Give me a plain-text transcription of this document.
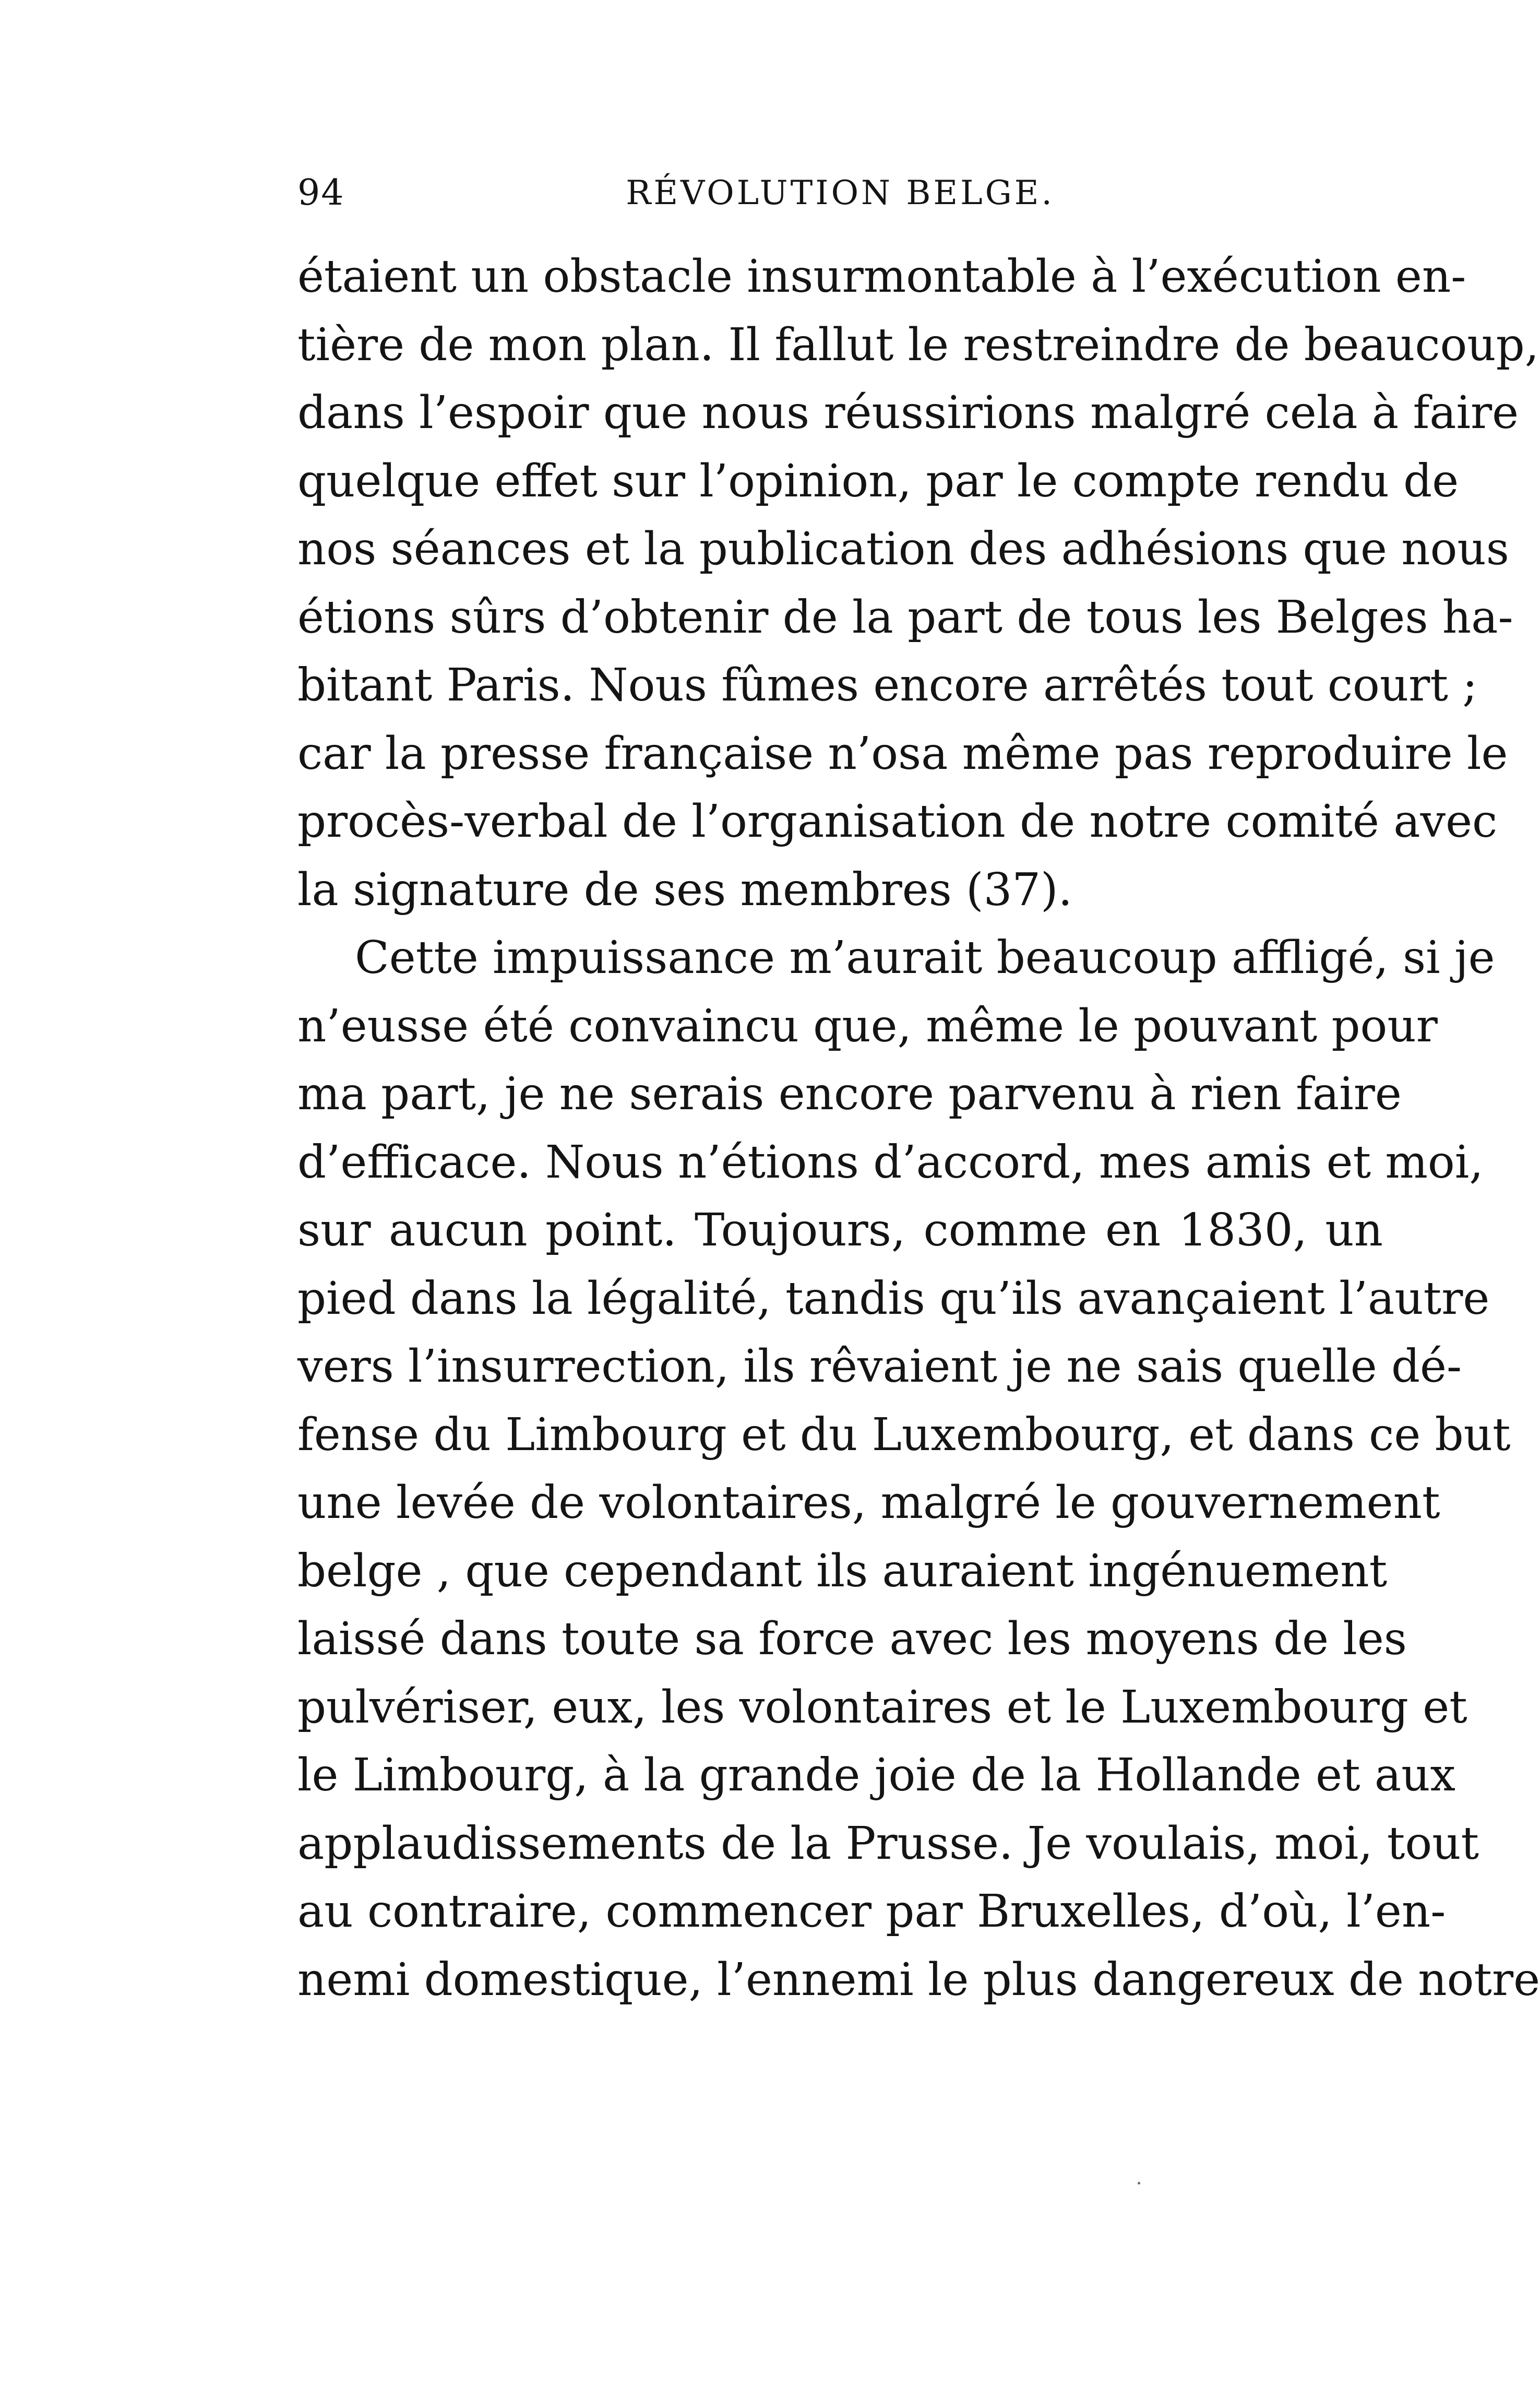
94	RÉVOLUTION BELGE.
étaient un obstacle insurmontable à l’exécution en-
tière de mon plan. Il fallut le restreindre de beaucoup,
dans l’espoir que nous réussirions malgré cela à faire
quelque effet sur l’opinion, par le compte rendu de
nos séances et la publication des adhésions que nous
étions sûrs d’obtenir de la part de tous les Belges ha-
bitant Paris. Nous fûmes encore arrêtés tout court ;
car la presse française n’osa même pas reproduire le
procès-verbal de l’organisation de notre comité avec
la signature de ses membres (37).
Cette impuissance m’aurait beaucoup affligé, si je
n’eusse été convaincu que, même le pouvant pour
ma part, je ne serais encore parvenu à rien faire
d’efficace. Nous n’étions d’accord, mes amis et moi,
sur aucun point. Toujours, comme en 1830, un
pied dans la légalité, tandis qu’ils avançaient l’autre
vers l’insurrection, ils rêvaient je ne sais quelle dé-
fense du Limbourg et du Luxembourg, et dans ce but
une levée de volontaires, malgré le gouvernement
belge , que cependant ils auraient ingénuement
laissé dans toute sa force avec les moyens de les
pulvériser, eux, les volontaires et le Luxembourg et
le Limbourg, à la grande joie de la Hollande et aux
applaudissements de la Prusse. Je voulais, moi, tout
au contraire, commencer par Bruxelles, d’où, l’en-
nemi domestique, l’ennemi le plus dangereux de notre
